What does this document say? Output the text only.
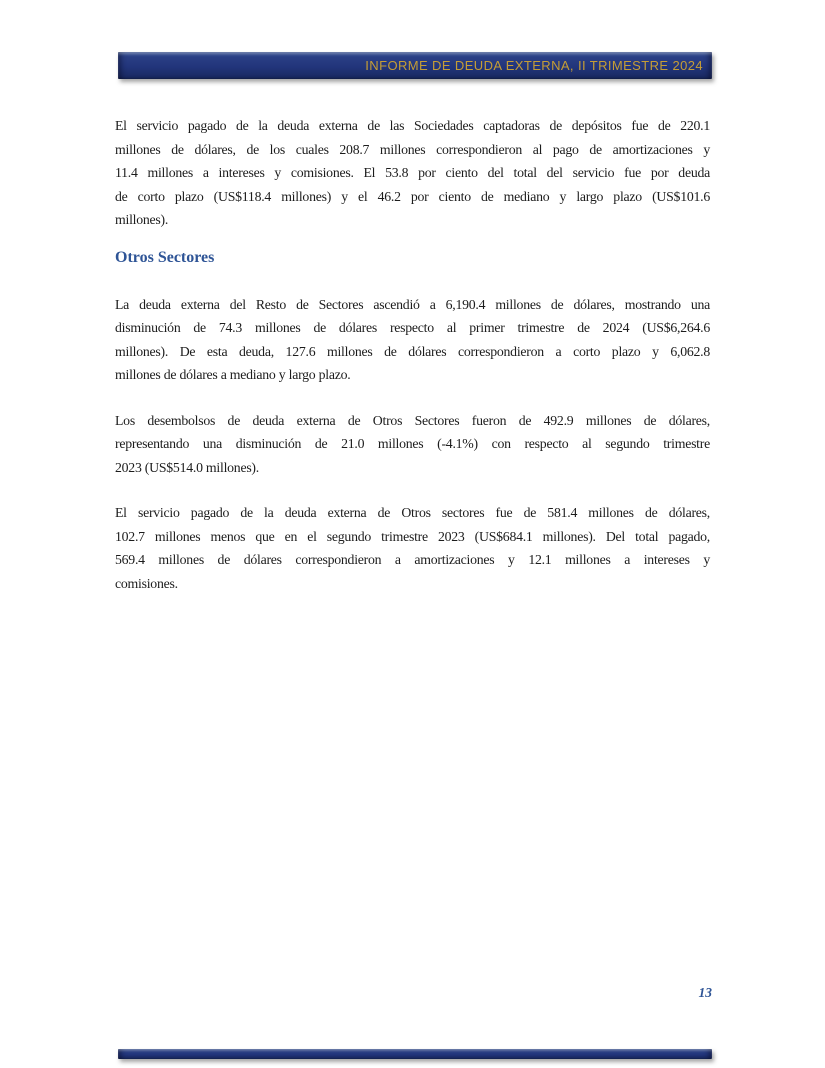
INFORME DE DEUDA EXTERNA, II TRIMESTRE 2024
El servicio pagado de la deuda externa de las Sociedades captadoras de depósitos fue de 220.1
millones de dólares, de los cuales 208.7 millones correspondieron al pago de amortizaciones y
11.4 millones a intereses y comisiones. El 53.8 por ciento del total del servicio fue por deuda
de corto plazo (US$118.4 millones) y el 46.2 por ciento de mediano y largo plazo (US$101.6
millones).
Otros Sectores
La deuda externa del Resto de Sectores ascendió a 6,190.4 millones de dólares, mostrando una
disminución de 74.3 millones de dólares respecto al primer trimestre de 2024 (US$6,264.6
millones). De esta deuda, 127.6 millones de dólares correspondieron a corto plazo y 6,062.8
millones de dólares a mediano y largo plazo.
Los desembolsos de deuda externa de Otros Sectores fueron de 492.9 millones de dólares,
representando una disminución de 21.0 millones (-4.1%) con respecto al segundo trimestre
2023 (US$514.0 millones).
El servicio pagado de la deuda externa de Otros sectores fue de 581.4 millones de dólares,
102.7 millones menos que en el segundo trimestre 2023 (US$684.1 millones). Del total pagado,
569.4 millones de dólares correspondieron a amortizaciones y 12.1 millones a intereses y
comisiones.
13
